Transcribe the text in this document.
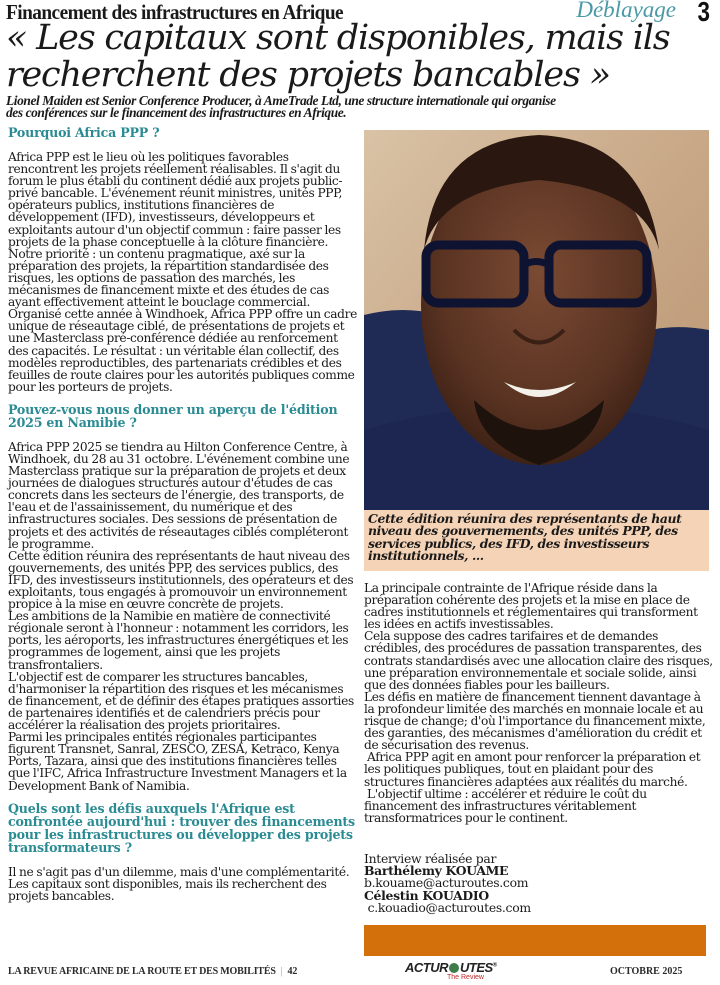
Financement des infrastructures en Afrique	Déblayage 3
« Les capitaux sont disponibles, mais ils
recherchent des projets bancables »
Lionel Maiden est Senior Conference Producer, à AmeTrade Ltd, une structure internationale qui organise
des conférences sur le financement des infrastructures en Afrique.
Pourquoi Africa PPP ?

Africa PPP est le lieu où les politiques favorables rencontrent les projets réellement réalisables. Il s'agit du forum le plus établi du continent dédié aux projets public-privé bancable. L'événement réunit ministres, unités PPP, opérateurs publics, institutions financières de développement (IFD), investisseurs, développeurs et exploitants autour d'un objectif commun : faire passer les projets de la phase conceptuelle à la clôture financière. Notre priorité : un contenu pragmatique, axé sur la préparation des projets, la répartition standardisée des risques, les options de passation des marchés, les mécanismes de financement mixte et des études de cas ayant effectivement atteint le bouclage commercial. Organisé cette année à Windhoek, Africa PPP offre un cadre unique de réseautage ciblé, de présentations de projets et une Masterclass pré-conférence dédiée au renforcement des capacités. Le résultat : un véritable élan collectif, des modèles reproductibles, des partenariats crédibles et des feuilles de route claires pour les autorités publiques comme pour les porteurs de projets.

Pouvez-vous nous donner un aperçu de l'édition 2025 en Namibie ?

Africa PPP 2025 se tiendra au Hilton Conference Centre, à Windhoek, du 28 au 31 octobre. L'événement combine une Masterclass pratique sur la préparation de projets et deux journées de dialogues structurés autour d'études de cas concrets dans les secteurs de l'énergie, des transports, de l'eau et de l'assainissement, du numérique et des infrastructures sociales. Des sessions de présentation de projets et des activités de réseautages ciblés compléteront le programme.

Cette édition réunira des représentants de haut niveau des gouvernements, des unités PPP, des services publics, des IFD, des investisseurs institutionnels, des opérateurs et des exploitants, tous engagés à promouvoir un environnement propice à la mise en œuvre concrète de projets.

Les ambitions de la Namibie en matière de connectivité régionale seront à l'honneur : notamment les corridors, les ports, les aéroports, les infrastructures énergétiques et les programmes de logement, ainsi que les projets transfrontaliers.

L'objectif est de comparer les structures bancables, d'harmoniser la répartition des risques et les mécanismes de financement, et de définir des étapes pratiques assorties de partenaires identifiés et de calendriers précis pour accélérer la réalisation des projets prioritaires.

Parmi les principales entités régionales participantes figurent Transnet, Sanral, ZESCO, ZESA, Ketraco, Kenya Ports, Tazara, ainsi que des institutions financières telles que l'IFC, Africa Infrastructure Investment Managers et la Development Bank of Namibia.

Quels sont les défis auxquels l'Afrique est confrontée aujourd'hui : trouver des financements pour les infrastructures ou développer des projets transformateurs ?

Il ne s'agit pas d'un dilemme, mais d'une complémentarité. Les capitaux sont disponibles, mais ils recherchent des projets bancables.

Cette édition réunira des représentants de haut niveau des gouvernements, des unités PPP, des services publics, des IFD, des investisseurs institutionnels, ...

La principale contrainte de l'Afrique réside dans la préparation cohérente des projets et la mise en place de cadres institutionnels et réglementaires qui transforment les idées en actifs investissables.

Cela suppose des cadres tarifaires et de demandes crédibles, des procédures de passation transparentes, des contrats standardisés avec une allocation claire des risques, une préparation environnementale et sociale solide, ainsi que des données fiables pour les bailleurs.

Les défis en matière de financement tiennent davantage à la profondeur limitée des marchés en monnaie locale et au risque de change; d'où l'importance du financement mixte, des garanties, des mécanismes d'amélioration du crédit et de sécurisation des revenus.

Africa PPP agit en amont pour renforcer la préparation et les politiques publiques, tout en plaidant pour des structures financières adaptées aux réalités du marché.

L'objectif ultime : accélérer et réduire le coût du financement des infrastructures véritablement transformatrices pour le continent.

Interview réalisée par
Barthélemy KOUAME
b.kouame@acturoutes.com
Célestin KOUADIO
c.kouadio@acturoutes.com
LA REVUE AFRICAINE DE LA ROUTE ET DES MOBILITÉS | 42	ACTUR UTES®
The Review
OCTOBRE 2025
